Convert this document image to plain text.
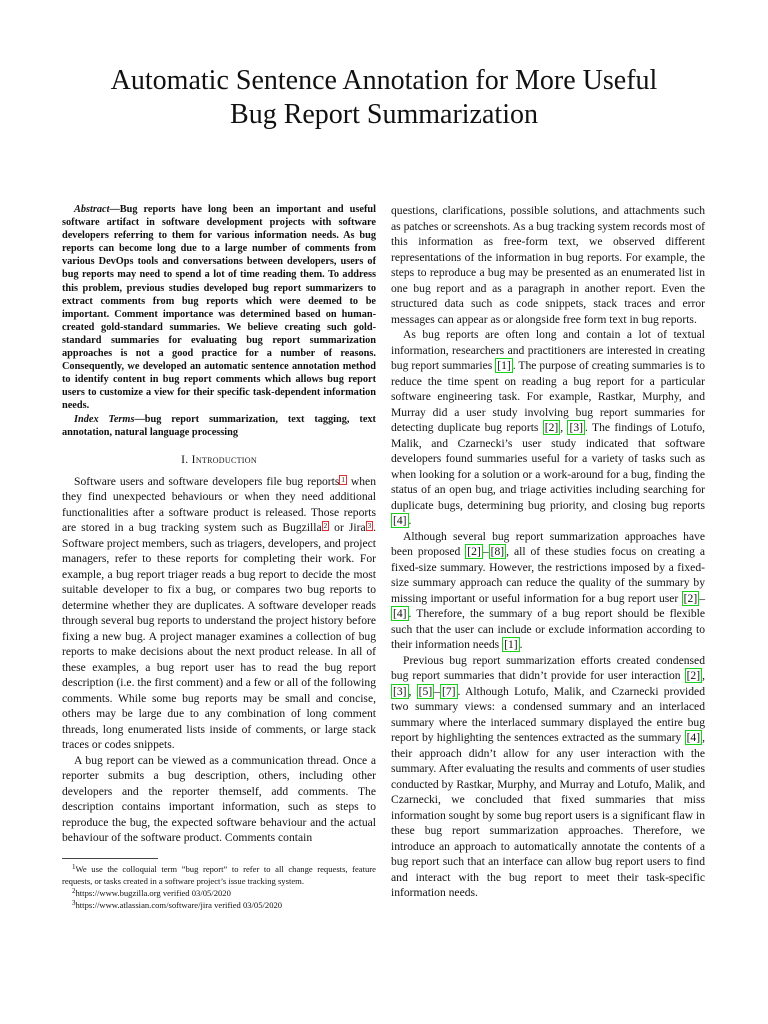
Automatic Sentence Annotation for More Useful
Bug Report Summarization

Abstract—Bug reports have long been an important and useful software artifact in software development projects with software developers referring to them for various information needs. As bug reports can become long due to a large number of comments from various DevOps tools and conversations between developers, users of bug reports may need to spend a lot of time reading them. To address this problem, previous studies developed bug report summarizers to extract comments from bug reports which were deemed to be important. Comment importance was determined based on human-created gold-standard summaries. We believe creating such gold-standard summaries for evaluating bug report summarization approaches is not a good practice for a number of reasons. Consequently, we developed an automatic sentence annotation method to identify content in bug report comments which allows bug report users to customize a view for their specific task-dependent information needs.

Index Terms—bug report summarization, text tagging, text annotation, natural language processing

I. Introduction

Software users and software developers file bug reports $^1$ when they find unexpected behaviours or when they need additional functionalities after a software product is released. Those reports are stored in a bug tracking system such as Bugzilla $^2$ or Jira $^3$ . Software project members, such as triagers, developers, and project managers, refer to these reports for completing their work. For example, a bug report triager reads a bug report to decide the most suitable developer to fix a bug, or compares two bug reports to determine whether they are duplicates. A software developer reads through several bug reports to understand the project history before fixing a new bug. A project manager examines a collection of bug reports to make decisions about the next product release. In all of these examples, a bug report user has to read the bug report description (i.e. the first comment) and a few or all of the following comments. While some bug reports may be small and concise, others may be large due to any combination of long comment threads, long enumerated lists inside of comments, or large stack traces or codes snippets.

A bug report can be viewed as a communication thread. Once a reporter submits a bug description, others, including other developers and the reporter themself, add comments. The description contains important information, such as steps to reproduce the bug, the expected software behaviour and the actual behaviour of the software product. Comments contain

$^1$We use the colloquial term ”bug report” to refer to all change requests, feature requests, or tasks created in a software project’s issue tracking system.

$^2$https://www.bugzilla.org verified 03/05/2020

$^3$https://www.atlassian.com/software/jira verified 03/05/2020

questions, clarifications, possible solutions, and attachments such as patches or screenshots. As a bug tracking system records most of this information as free-form text, we observed different representations of the information in bug reports. For example, the steps to reproduce a bug may be presented as an enumerated list in one bug report and as a paragraph in another report. Even the structured data such as code snippets, stack traces and error messages can appear as or alongside free form text in bug reports.

As bug reports are often long and contain a lot of textual information, researchers and practitioners are interested in creating bug report summaries [1] . The purpose of creating summaries is to reduce the time spent on reading a bug report for a particular software engineering task. For example, Rastkar, Murphy, and Murray did a user study involving bug report summaries for detecting duplicate bug reports [2] , [3] . The findings of Lotufo, Malik, and Czarnecki’s user study indicated that software developers found summaries useful for a variety of tasks such as when looking for a solution or a work-around for a bug, finding the status of an open bug, and triage activities including searching for duplicate bugs, determining bug priority, and closing bug reports [4] .

Although several bug report summarization approaches have been proposed [2] – [8] , all of these studies focus on creating a fixed-size summary. However, the restrictions imposed by a fixed-size summary approach can reduce the quality of the summary by missing important or useful information for a bug report user [2] –[4] . Therefore, the summary of a bug report should be flexible such that the user can include or exclude information according to their information needs [1] .

Previous bug report summarization efforts created condensed bug report summaries that didn’t provide for user interaction [2] , [3] , [5] – [7] . Although Lotufo, Malik, and Czarnecki provided two summary views: a condensed summary and an interlaced summary where the interlaced summary displayed the entire bug report by highlighting the sentences extracted as the summary [4] , their approach didn’t allow for any user interaction with the summary. After evaluating the results and comments of user studies conducted by Rastkar, Murphy, and Murray and Lotufo, Malik, and Czarnecki, we concluded that fixed summaries that miss information sought by some bug report users is a significant flaw in these bug report summarization approaches. Therefore, we introduce an approach to automatically annotate the contents of a bug report such that an interface can allow bug report users to find and interact with the bug report to meet their task-specific information needs.
